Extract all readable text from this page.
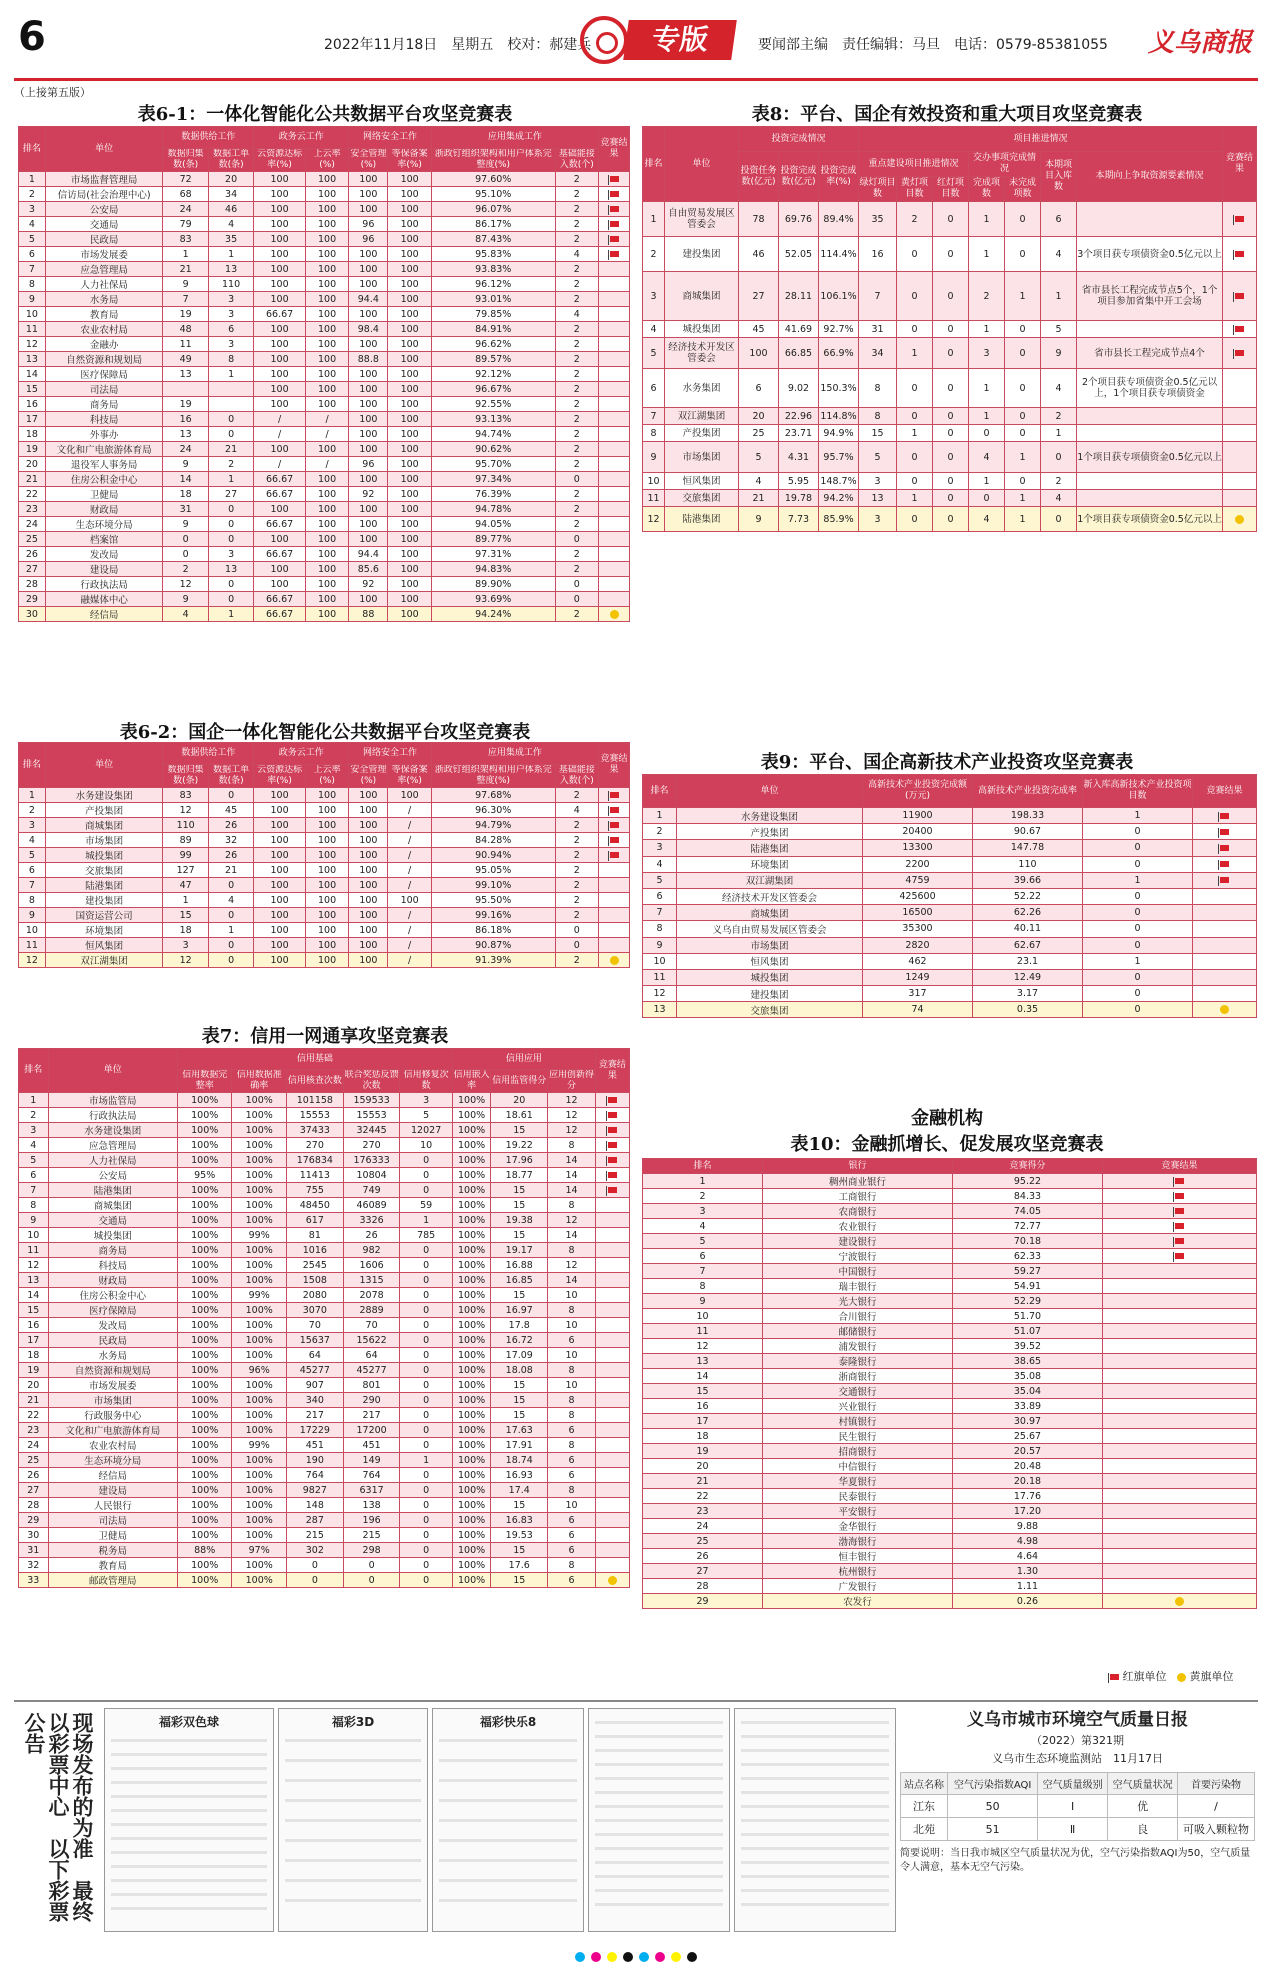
6	2022年11月18日　星期五　校对：郝建兵	专版	要闻部主编　责任编辑：马旦　电话：0579-85381055 义乌商报
（上接第五版）
表6-1：一体化智能化公共数据平台攻坚竞赛表
排名	单位	数据供给工作		政务云工作		网络安全工作		应用集成工作		竞赛结果
		数据归集数(条)	数据工单数(条)	云资源达标率(%)	上云率(%)	安全管理(%)	等保备案率(%)	浙政钉组织架构和用户体系完整度(%)	基础能接入数(个)	
1	市场监督管理局	72	20	100	100	100	100	97.60%	2	
2	信访局(社会治理中心)	68	34	100	100	100	100	95.10%	2	
3	公安局	24	46	100	100	100	100	96.07%	2	
4	交通局	79	4	100	100	96	100	86.17%	2	
5	民政局	83	35	100	100	96	100	87.43%	2	
6	市场发展委	1	1	100	100	100	100	95.83%	4	
7	应急管理局	21	13	100	100	100	100	93.83%	2	
8	人力社保局	9	110	100	100	100	100	96.12%	2	
9	水务局	7	3	100	100	94.4	100	93.01%	2	
10	教育局	19	3	66.67	100	100	100	79.85%	4	
11	农业农村局	48	6	100	100	98.4	100	84.91%	2	
12	金融办	11	3	100	100	100	100	96.62%	2	
13	自然资源和规划局	49	8	100	100	88.8	100	89.57%	2	
14	医疗保障局	13	1	100	100	100	100	92.12%	2	
15	司法局			100	100	100	100	96.67%	2	
16	商务局	19		100	100	100	100	92.55%	2	
17	科技局	16	0	/	/	100	100	93.13%	2	
18	外事办	13	0	/	/	100	100	94.74%	2	
19	文化和广电旅游体育局	24	21	100	100	100	100	90.62%	2	
20	退役军人事务局	9	2	/	/	96	100	95.70%	2	
21	住房公积金中心	14	1	66.67	100	100	100	97.34%	0	
22	卫健局	18	27	66.67	100	92	100	76.39%	2	
23	财政局	31	0	100	100	100	100	94.78%	2	
24	生态环境分局	9	0	66.67	100	100	100	94.05%	2	
25	档案馆	0	0	100	100	100	100	89.77%	0	
26	发改局	0	3	66.67	100	94.4	100	97.31%	2	
27	建设局	2	13	100	100	85.6	100	94.83%	2	
28	行政执法局	12	0	100	100	92	100	89.90%	0	
29	融媒体中心	9	0	66.67	100	100	100	93.69%	0	
30	经信局	4	1	66.67	100	88	100	94.24%	2	
表6-2：国企一体化智能化公共数据平台攻坚竞赛表
排名	单位	数据供给工作		政务云工作		网络安全工作		应用集成工作		竞赛结果
		数据归集数(条)	数据工单数(条)	云资源达标率(%)	上云率(%)	安全管理(%)	等保备案率(%)	浙政钉组织架构和用户体系完整度(%)	基础能接入数(个)	
1	水务建设集团	83	0	100	100	100	100	97.68%	2	
2	产投集团	12	45	100	100	100	/	96.30%	4	
3	商城集团	110	26	100	100	100	/	94.79%	2	
4	市场集团	89	32	100	100	100	/	84.28%	2	
5	城投集团	99	26	100	100	100	/	90.94%	2	
6	交旅集团	127	21	100	100	100	/	95.05%	2	
7	陆港集团	47	0	100	100	100	/	99.10%	2	
8	建投集团	1	4	100	100	100	100	95.50%	2	
9	国资运营公司	15	0	100	100	100	/	99.16%	2	
10	环境集团	18	1	100	100	100	/	86.18%	0	
11	恒风集团	3	0	100	100	100	/	90.87%	0	
12	双江湖集团	12	0	100	100	100	/	91.39%	2	
表7：信用一网通享攻坚竞赛表
排名	单位	信用基础					信用应用			竞赛结果
		信用数据完整率	信用数据准确率	信用核查次数	联合奖惩反馈次数	信用修复次数	信用嵌入率	信用监管得分	应用创新得分	
1	市场监管局	100%	100%	101158	159533	3	100%	20	12	
2	行政执法局	100%	100%	15553	15553	5	100%	18.61	12	
3	水务建设集团	100%	100%	37433	32445	12027	100%	15	12	
4	应急管理局	100%	100%	270	270	10	100%	19.22	8	
5	人力社保局	100%	100%	176834	176333	0	100%	17.96	14	
6	公安局	95%	100%	11413	10804	0	100%	18.77	14	
7	陆港集团	100%	100%	755	749	0	100%	15	14	
8	商城集团	100%	100%	48450	46089	59	100%	15	8	
9	交通局	100%	100%	617	3326	1	100%	19.38	12	
10	城投集团	100%	99%	81	26	785	100%	15	14	
11	商务局	100%	100%	1016	982	0	100%	19.17	8	
12	科技局	100%	100%	2545	1606	0	100%	16.88	12	
13	财政局	100%	100%	1508	1315	0	100%	16.85	14	
14	住房公积金中心	100%	99%	2080	2078	0	100%	15	10	
15	医疗保障局	100%	100%	3070	2889	0	100%	16.97	8	
16	发改局	100%	100%	70	70	0	100%	17.8	10	
17	民政局	100%	100%	15637	15622	0	100%	16.72	6	
18	水务局	100%	100%	64	64	0	100%	17.09	10	
19	自然资源和规划局	100%	96%	45277	45277	0	100%	18.08	8	
20	市场发展委	100%	100%	907	801	0	100%	15	10	
21	市场集团	100%	100%	340	290	0	100%	15	8	
22	行政服务中心	100%	100%	217	217	0	100%	15	8	
23	文化和广电旅游体育局	100%	100%	17229	17200	0	100%	17.63	6	
24	农业农村局	100%	99%	451	451	0	100%	17.91	8	
25	生态环境分局	100%	100%	190	149	1	100%	18.74	6	
26	经信局	100%	100%	764	764	0	100%	16.93	6	
27	建设局	100%	100%	9827	6317	0	100%	17.4	8	
28	人民银行	100%	100%	148	138	0	100%	15	10	
29	司法局	100%	100%	287	196	0	100%	16.83	6	
30	卫健局	100%	100%	215	215	0	100%	19.53	6	
31	税务局	88%	97%	302	298	0	100%	15	6	
32	教育局	100%	100%	0	0	0	100%	17.6	8	
33	邮政管理局	100%	100%	0	0	0	100%	15	6	
表8：平台、国企有效投资和重大项目攻坚竞赛表
排名	单位	投资完成情况			项目推进情况							竞赛结果
		投资任务数(亿元)	投资完成数(亿元)	投资完成率(%)	重点建设项目推进情况			交办事项完成情况		本期项目入库数	本期向上争取资源要素情况	
					绿灯项目数	黄灯项目数	红灯项目数	完成项数	未完成项数			
1	自由贸易发展区管委会	78	69.76	89.4%	35	2	0	1	0	6		
2	建投集团	46	52.05	114.4%	16	0	0	1	0	4	3个项目获专项债资金0.5亿元以上	
3	商城集团	27	28.11	106.1%	7	0	0	2	1	1	省市县长工程完成节点5个，1个项目参加省集中开工会场	
4	城投集团	45	41.69	92.7%	31	0	0	1	0	5		
5	经济技术开发区管委会	100	66.85	66.9%	34	1	0	3	0	9	省市县长工程完成节点4个	
6	水务集团	6	9.02	150.3%	8	0	0	1	0	4	2个项目获专项债资金0.5亿元以上，1个项目获专项债资金	
7	双江湖集团	20	22.96	114.8%	8	0	0	1	0	2		
8	产投集团	25	23.71	94.9%	15	1	0	0	0	1		
9	市场集团	5	4.31	95.7%	5	0	0	4	1	0	1个项目获专项债资金0.5亿元以上	
10	恒风集团	4	5.95	148.7%	3	0	0	1	0	2		
11	交旅集团	21	19.78	94.2%	13	1	0	0	1	4		
12	陆港集团	9	7.73	85.9%	3	0	0	4	1	0	1个项目获专项债资金0.5亿元以上	
表9：平台、国企高新技术产业投资攻坚竞赛表
排名	单位	高新技术产业投资完成额(万元)	高新技术产业投资完成率	新入库高新技术产业投资项目数	竞赛结果
1	水务建设集团	11900	198.33	1	
2	产投集团	20400	90.67	0	
3	陆港集团	13300	147.78	0	
4	环境集团	2200	110	0	
5	双江湖集团	4759	39.66	1	
6	经济技术开发区管委会	425600	52.22	0	
7	商城集团	16500	62.26	0	
8	义乌自由贸易发展区管委会	35300	40.11	0	
9	市场集团	2820	62.67	0	
10	恒风集团	462	23.1	1	
11	城投集团	1249	12.49	0	
12	建投集团	317	3.17	0	
13	交旅集团	74	0.35	0	
金融机构
表10：金融抓增长、促发展攻坚竞赛表
排名	银行	竞赛得分	竞赛结果
1	稠州商业银行	95.22	
2	工商银行	84.33	
3	农商银行	74.05	
4	农业银行	72.77	
5	建设银行	70.18	
6	宁波银行	62.33	
7	中国银行	59.27	
8	瑞丰银行	54.91	
9	光大银行	52.29	
10	合川银行	51.70	
11	邮储银行	51.07	
12	浦发银行	39.52	
13	泰隆银行	38.65	
14	浙商银行	35.08	
15	交通银行	35.04	
16	兴业银行	33.89	
17	村镇银行	30.97	
18	民生银行	25.67	
19	招商银行	20.57	
20	中信银行	20.48	
21	华夏银行	20.18	
22	民泰银行	17.76	
23	平安银行	17.20	
24	金华银行	9.88	
25	渤海银行	4.98	
26	恒丰银行	4.64	
27	杭州银行	1.30	
28	广发银行	1.11	
29	农发行	0.26	
红旗单位 黄旗单位
现场发布的为准　最终以彩票中心　以下彩票公告	福彩双色球	福彩3D	福彩快乐8	义乌市城市环境空气质量日报
（2022）第321期
义乌市生态环境监测站　11月17日
站点名称	空气污染指数AQI	空气质量级别	空气质量状况	首要污染物
江东	50	Ⅰ	优	/
北苑	51	Ⅱ	良	可吸入颗粒物
简要说明：当日我市城区空气质量状况为优，空气污染指数AQI为50，空气质量令人满意，基本无空气污染。
